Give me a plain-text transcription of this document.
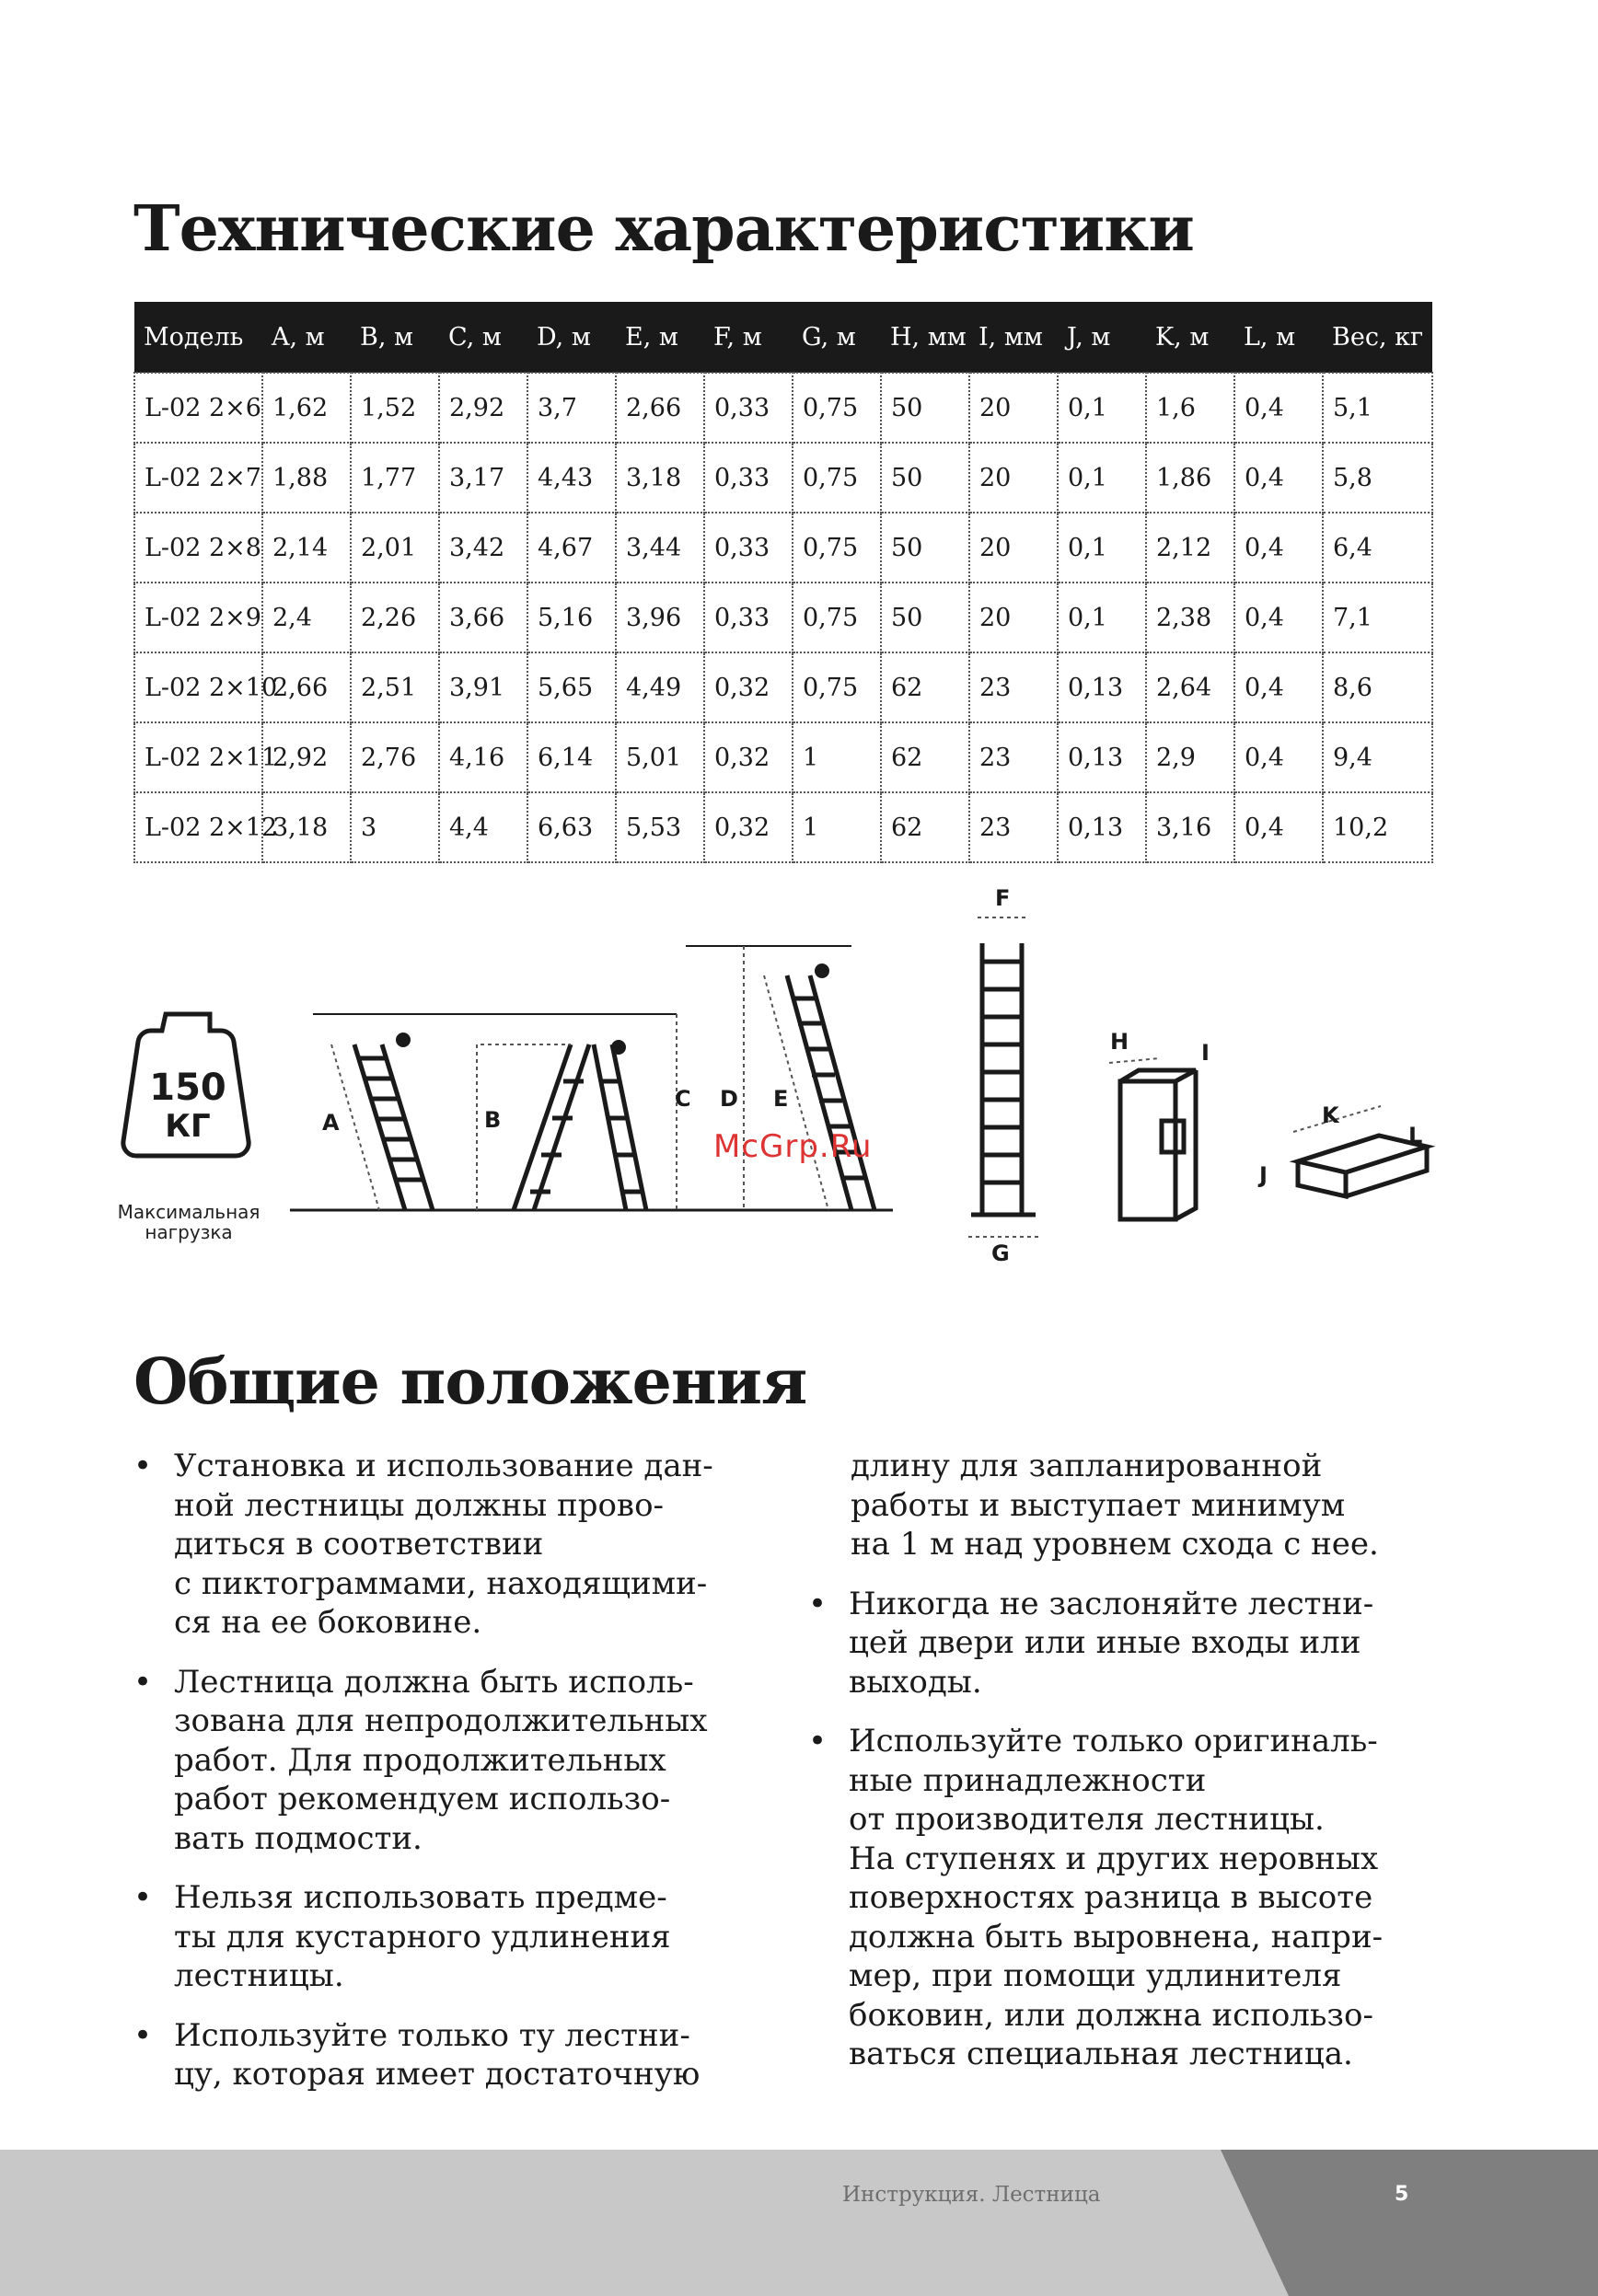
Технические характеристики
Модель	A, м	B, м	C, м	D, м	E, м	F, м	G, м	H, мм	I, мм	J, м	K, м	L, м	Вес, кг
L-02 2×6	1,62	1,52	2,92	3,7	2,66	0,33	0,75	50	20	0,1	1,6	0,4	5,1
L-02 2×7	1,88	1,77	3,17	4,43	3,18	0,33	0,75	50	20	0,1	1,86	0,4	5,8
L-02 2×8	2,14	2,01	3,42	4,67	3,44	0,33	0,75	50	20	0,1	2,12	0,4	6,4
L-02 2×9	2,4	2,26	3,66	5,16	3,96	0,33	0,75	50	20	0,1	2,38	0,4	7,1
L-02 2×10	2,66	2,51	3,91	5,65	4,49	0,32	0,75	62	23	0,13	2,64	0,4	8,6
L-02 2×11	2,92	2,76	4,16	6,14	5,01	0,32	1	62	23	0,13	2,9	0,4	9,4
L-02 2×12	3,18	3	4,4	6,63	5,53	0,32	1	62	23	0,13	3,16	0,4	10,2
150
КГ	A	B
C D E
F
G
H	I
J
K
L
Максимальная
нагрузка
McGrp.Ru
Общие положения
• Установка и использование дан-
ной лестницы должны прово-
диться в соответствии
с пиктограммами, находящими-
ся на ее боковине.
• Лестница должна быть исполь-
зована для непродолжительных
работ. Для продолжительных
работ рекомендуем использо-
вать подмости.
• Нельзя использовать предме-
ты для кустарного удлинения
лестницы.
• Используйте только ту лестни-
цу, которая имеет достаточную
длину для запланированной
работы и выступает минимум
на 1 м над уровнем схода с нее.
• Никогда не заслоняйте лестни-
цей двери или иные входы или
выходы.
• Используйте только оригиналь-
ные принадлежности
от производителя лестницы.
На ступенях и других неровных
поверхностях разница в высоте
должна быть выровнена, напри-
мер, при помощи удлинителя
боковин, или должна использо-
ваться специальная лестница.
Инструкция. Лестница	5
